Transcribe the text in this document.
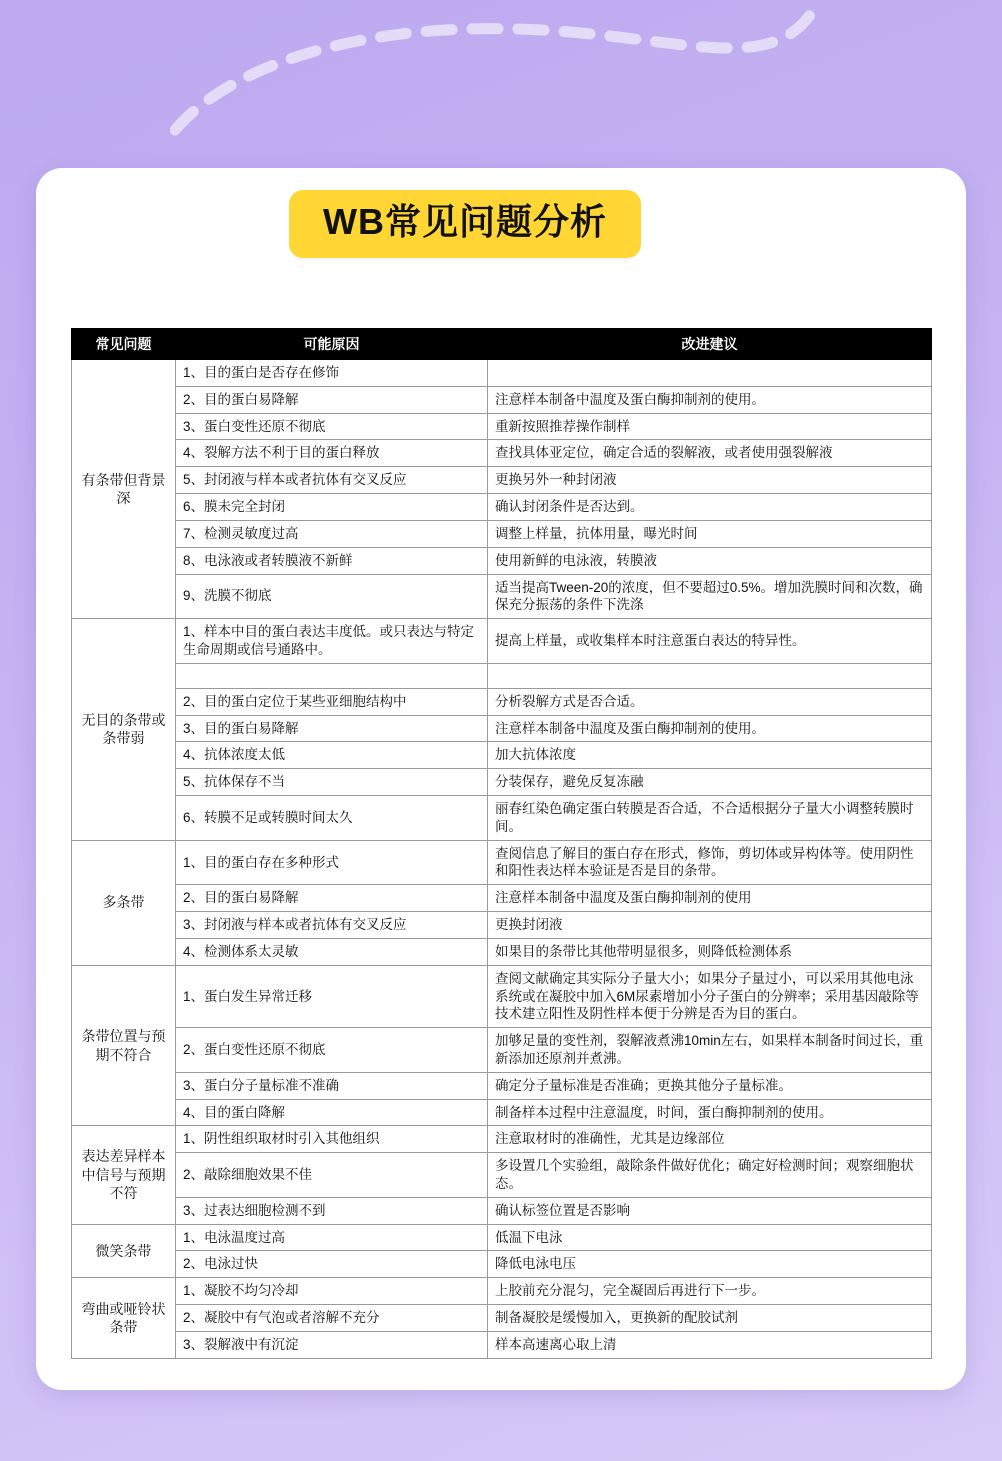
WB常见问题分析
常见问题	可能原因	改进建议
有条带但背景深	1、目的蛋白是否存在修饰	
	2、目的蛋白易降解	注意样本制备中温度及蛋白酶抑制剂的使用。
	3、蛋白变性还原不彻底	重新按照推荐操作制样
	4、裂解方法不利于目的蛋白释放	查找具体亚定位，确定合适的裂解液，或者使用强裂解液
	5、封闭液与样本或者抗体有交叉反应	更换另外一种封闭液
	6、膜未完全封闭	确认封闭条件是否达到。
	7、检测灵敏度过高	调整上样量，抗体用量，曝光时间
	8、电泳液或者转膜液不新鲜	使用新鲜的电泳液，转膜液
	9、洗膜不彻底	适当提高Tween-20的浓度，但不要超过0.5%。增加洗膜时间和次数，确保充分振荡的条件下洗涤
无目的条带或条带弱	1、样本中目的蛋白表达丰度低。或只表达与特定生命周期或信号通路中。	提高上样量，或收集样本时注意蛋白表达的特异性。

	2、目的蛋白定位于某些亚细胞结构中	分析裂解方式是否合适。
	3、目的蛋白易降解	注意样本制备中温度及蛋白酶抑制剂的使用。
	4、抗体浓度太低	加大抗体浓度
	5、抗体保存不当	分装保存，避免反复冻融
	6、转膜不足或转膜时间太久	丽春红染色确定蛋白转膜是否合适，不合适根据分子量大小调整转膜时间。
多条带	1、目的蛋白存在多种形式	查阅信息了解目的蛋白存在形式，修饰，剪切体或异构体等。使用阴性和阳性表达样本验证是否是目的条带。
	2、目的蛋白易降解	注意样本制备中温度及蛋白酶抑制剂的使用
	3、封闭液与样本或者抗体有交叉反应	更换封闭液
	4、检测体系太灵敏	如果目的条带比其他带明显很多，则降低检测体系
条带位置与预期不符合	1、蛋白发生异常迁移	查阅文献确定其实际分子量大小；如果分子量过小，可以采用其他电泳系统或在凝胶中加入6M尿素增加小分子蛋白的分辨率；采用基因敲除等技术建立阳性及阴性样本便于分辨是否为目的蛋白。
	2、蛋白变性还原不彻底	加够足量的变性剂，裂解液煮沸10min左右，如果样本制备时间过长，重新添加还原剂并煮沸。
	3、蛋白分子量标准不准确	确定分子量标准是否准确；更换其他分子量标准。
	4、目的蛋白降解	制备样本过程中注意温度，时间，蛋白酶抑制剂的使用。
表达差异样本中信号与预期不符	1、阴性组织取材时引入其他组织	注意取材时的准确性，尤其是边缘部位
	2、敲除细胞效果不佳	多设置几个实验组​，敲除条件做好优化；确定好检测时间；观察细胞状态。
	3、过表达细胞检测不到	确认标签位置是否影响
微笑条带	1、电泳温度过高	低温下电泳
	2、电泳过快	降低电泳电压
弯曲或哑铃状条带	1、凝胶不均匀冷却	上胶前充分混匀，完全凝固后再进行下一步。
	2、凝胶中有气泡或者溶解不充分	制备凝胶是缓慢加入，更换新的配胶试剂
	3、裂解液中有沉淀	样本高速离心取上清
